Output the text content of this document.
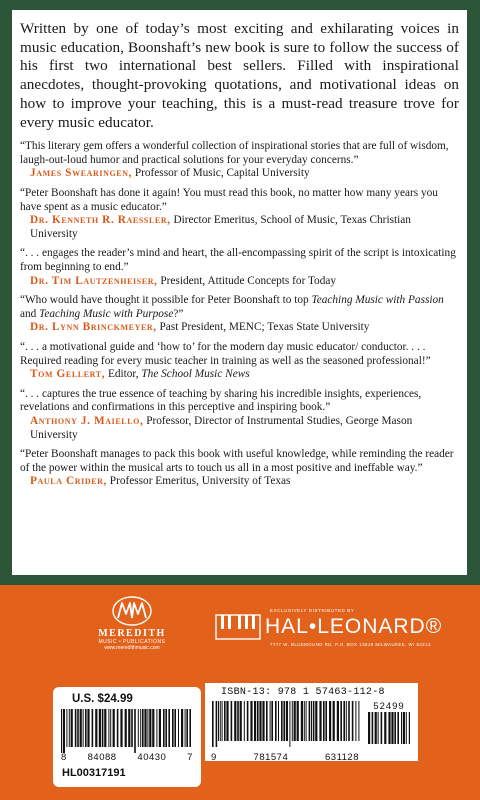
Written by one of today’s most exciting and exhilarating voices in music education, Boonshaft’s new book is sure to follow the success of his first two international best sellers. Filled with inspirational anecdotes, thought-provoking quotations, and motivational ideas on how to improve your teaching, this is a must-read treasure trove for every music educator.

“This literary gem offers a wonderful collection of inspirational stories that are full of wisdom, laugh-out-loud humor and practical solutions for your everyday concerns.”

James Swearingen, Professor of Music, Capital University

“Peter Boonshaft has done it again! You must read this book, no matter how many years you have spent as a music educator.”

Dr. Kenneth R. Raessler, Director Emeritus, School of Music, Texas Christian University

“. . . engages the reader’s mind and heart, the all-encompassing spirit of the script is intoxicating from beginning to end.”

Dr. Tim Lautzenheiser, President, Attitude Concepts for Today

“Who would have thought it possible for Peter Boonshaft to top Teaching Music with Passion and Teaching Music with Purpose?”

Dr. Lynn Brinckmeyer, Past President, MENC; Texas State University

“. . . a motivational guide and ‘how to’ for the modern day music educator/ conductor. . . . Required reading for every music teacher in training as well as the seasoned professional!”

Tom Gellert, Editor, The School Music News

“. . . captures the true essence of teaching by sharing his incredible insights, experiences, revelations and confirmations in this perceptive and inspiring book.”

Anthony J. Maiello, Professor, Director of Instrumental Studies, George Mason University

“Peter Boonshaft manages to pack this book with useful knowledge, while reminding the reader of the power within the musical arts to touch us all in a most positive and ineffable way.”

Paula Crider, Professor Emeritus, University of Texas

MEREDITH
MUSIC • PUBLICATIONS
www.meredithmusic.com
EXCLUSIVELY DISTRIBUTED BY
HAL•LEONARD®
7777 W. BLUEMOUND RD. P.O. BOX 13819 MILWAUKEE, WI 53213
U.S. $24.99
8 84088 40430 7
HL00317191
ISBN-13: 978 1 57463-112-8
9	781574	631128
52499
